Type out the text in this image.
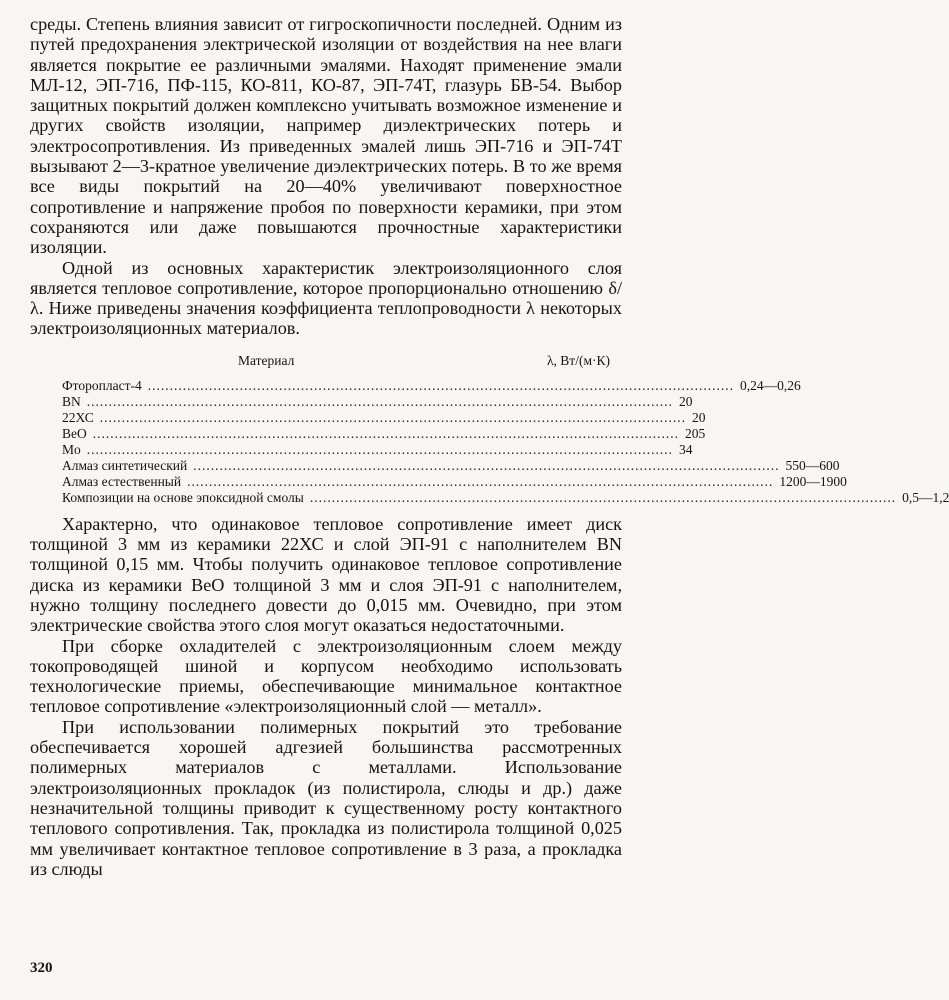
среды. Степень влияния зависит от гигроскопичности последней. Одним из путей предохранения электрической изоляции от воздействия на нее влаги является покрытие ее различными эмалями. Находят применение эмали МЛ-12, ЭП-716, ПФ-115, КО-811, КО-87, ЭП-74Т, глазурь БВ-54. Выбор защитных покрытий должен комплексно учитывать возможное изменение и других свойств изоляции, например диэлектрических потерь и электросопротивления. Из приведенных эмалей лишь ЭП-716 и ЭП-74Т вызывают 2—3-кратное увеличение диэлектрических потерь. В то же время все виды покрытий на 20—40% увеличивают поверхностное сопротивление и напряжение пробоя по поверхности керамики, при этом сохраняются или даже повышаются прочностные характеристики изоляции.

Одной из основных характеристик электроизоляционного слоя является тепловое сопротивление, которое пропорционально отношению δ/λ. Ниже приведены значения коэффициента теплопроводности λ некоторых электроизоляционных материалов.

Материал	λ, Вт/(м·К)
Фторопласт-4 ...................................................................................................................................... 0,24—0,26
BN ...................................................................................................................................... 20
22ХС ...................................................................................................................................... 20
BeO ...................................................................................................................................... 205
Mo ...................................................................................................................................... 34
Алмаз синтетический ...................................................................................................................................... 550—600
Алмаз естественный ...................................................................................................................................... 1200—1900
Композиции на основе эпоксидной смолы ...................................................................................................................................... 0,5—1,2

Характерно, что одинаковое тепловое сопротивление имеет диск толщиной 3 мм из керамики 22ХС и слой ЭП-91 с наполнителем BN толщиной 0,15 мм. Чтобы получить одинаковое тепловое сопротивление диска из керамики BeO толщиной 3 мм и слоя ЭП-91 с наполнителем, нужно толщину последнего довести до 0,015 мм. Очевидно, при этом электрические свойства этого слоя могут оказаться недостаточными.

При сборке охладителей с электроизоляционным слоем между токопроводящей шиной и корпусом необходимо использовать технологические приемы, обеспечивающие минимальное контактное тепловое сопротивление «электроизоляционный слой — металл».

При использовании полимерных покрытий это требование обеспечивается хорошей адгезией большинства рассмотренных полимерных материалов с металлами. Использование электроизоляционных прокладок (из полистирола, слюды и др.) даже незначительной толщины приводит к существенному росту контактного теплового сопротивления. Так, прокладка из полистирола толщиной 0,025 мм увеличивает контактное тепловое сопротивление в 3 раза, а прокладка из слюды

320
